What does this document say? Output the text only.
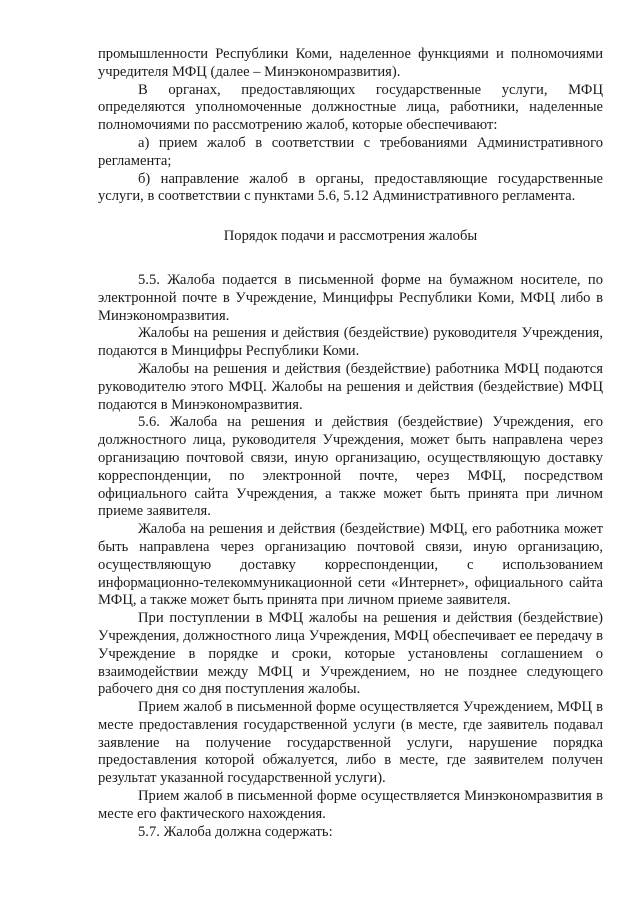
промышленности Республики Коми, наделенное функциями и полномочиями учредителя МФЦ (далее – Минэкономразвития).

В органах, предоставляющих государственные услуги, МФЦ определяются уполномоченные должностные лица, работники, наделенные полномочиями по рассмотрению жалоб, которые обеспечивают:

а) прием жалоб в соответствии с требованиями Административного регламента;

б) направление жалоб в органы, предоставляющие государственные услуги, в соответствии с пунктами 5.6, 5.12 Административного регламента.

Порядок подачи и рассмотрения жалобы

5.5. Жалоба подается в письменной форме на бумажном носителе, по электронной почте в Учреждение, Минцифры Республики Коми, МФЦ либо в Минэкономразвития.

Жалобы на решения и действия (бездействие) руководителя Учреждения, подаются в Минцифры Республики Коми.

Жалобы на решения и действия (бездействие) работника МФЦ подаются руководителю этого МФЦ. Жалобы на решения и действия (бездействие) МФЦ подаются в Минэкономразвития.

5.6. Жалоба на решения и действия (бездействие) Учреждения, его должностного лица, руководителя Учреждения, может быть направлена через организацию почтовой связи, иную организацию, осуществляющую доставку корреспонденции, по электронной почте, через МФЦ, посредством официального сайта Учреждения, а также может быть принята при личном приеме заявителя.

Жалоба на решения и действия (бездействие) МФЦ, его работника может быть направлена через организацию почтовой связи, иную организацию, осуществляющую доставку корреспонденции, с использованием информационно-телекоммуникационной сети «Интернет», официального сайта МФЦ, а также может быть принята при личном приеме заявителя.

При поступлении в МФЦ жалобы на решения и действия (бездействие) Учреждения, должностного лица Учреждения, МФЦ обеспечивает ее передачу в Учреждение в порядке и сроки, которые установлены соглашением о взаимодействии между МФЦ и Учреждением, но не позднее следующего рабочего дня со дня поступления жалобы.

Прием жалоб в письменной форме осуществляется Учреждением, МФЦ в месте предоставления государственной услуги (в месте, где заявитель подавал заявление на получение государственной услуги, нарушение порядка предоставления которой обжалуется, либо в месте, где заявителем получен результат указанной государственной услуги).

Прием жалоб в письменной форме осуществляется Минэкономразвития в месте его фактического нахождения.

5.7. Жалоба должна содержать:
